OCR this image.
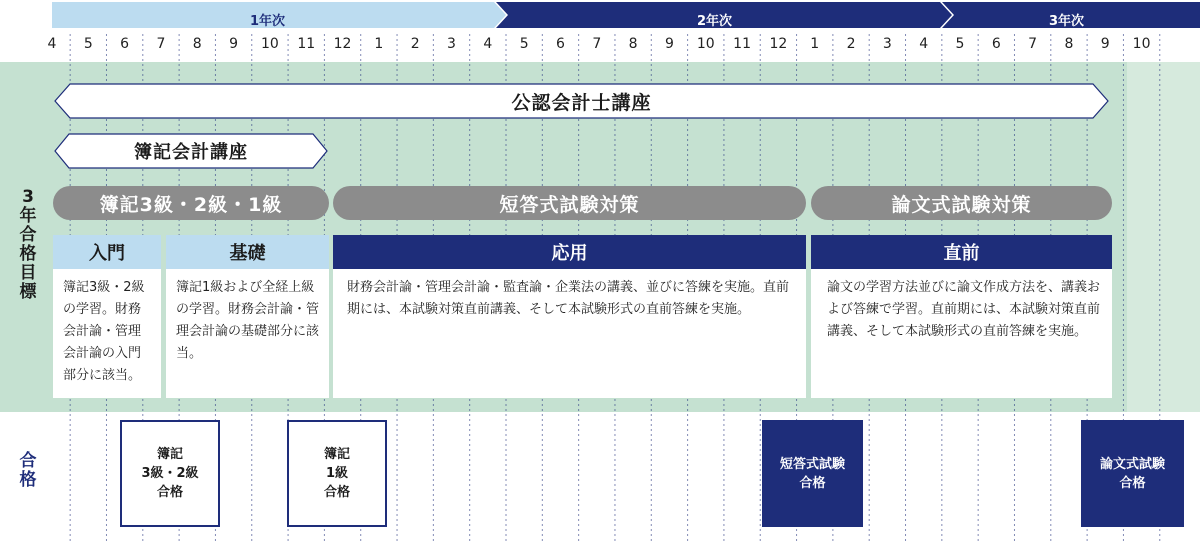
1年次	2年次	3年次
4	5	6	7	8	9	10	11	12	1	2	3	4	5	6	7	8	9	10	11	12	1	2	3	4	5	6	7	8	9	10
公認会計士講座
簿記会計講座
簿記3級・2級・1級	短答式試験対策	論文式試験対策
入門	基礎	応用	直前
簿記3級・2級の学習。財務会計論・管理会計論の入門部分に該当。
簿記1級および全経上級の学習。財務会計論・管理会計論の基礎部分に該当。
財務会計論・管理会計論・監査論・企業法の講義、並びに答練を実施。直前期には、本試験対策直前講義、そして本試験形式の直前答練を実施。
論文の学習方法並びに論文作成方法を、講義および答練で学習。直前期には、本試験対策直前講義、そして本試験形式の直前答練を実施。
3年合格目標
合格
簿記
3級・2級
合格
簿記
1級
合格
短答式試験
合格
論文式試験
合格
